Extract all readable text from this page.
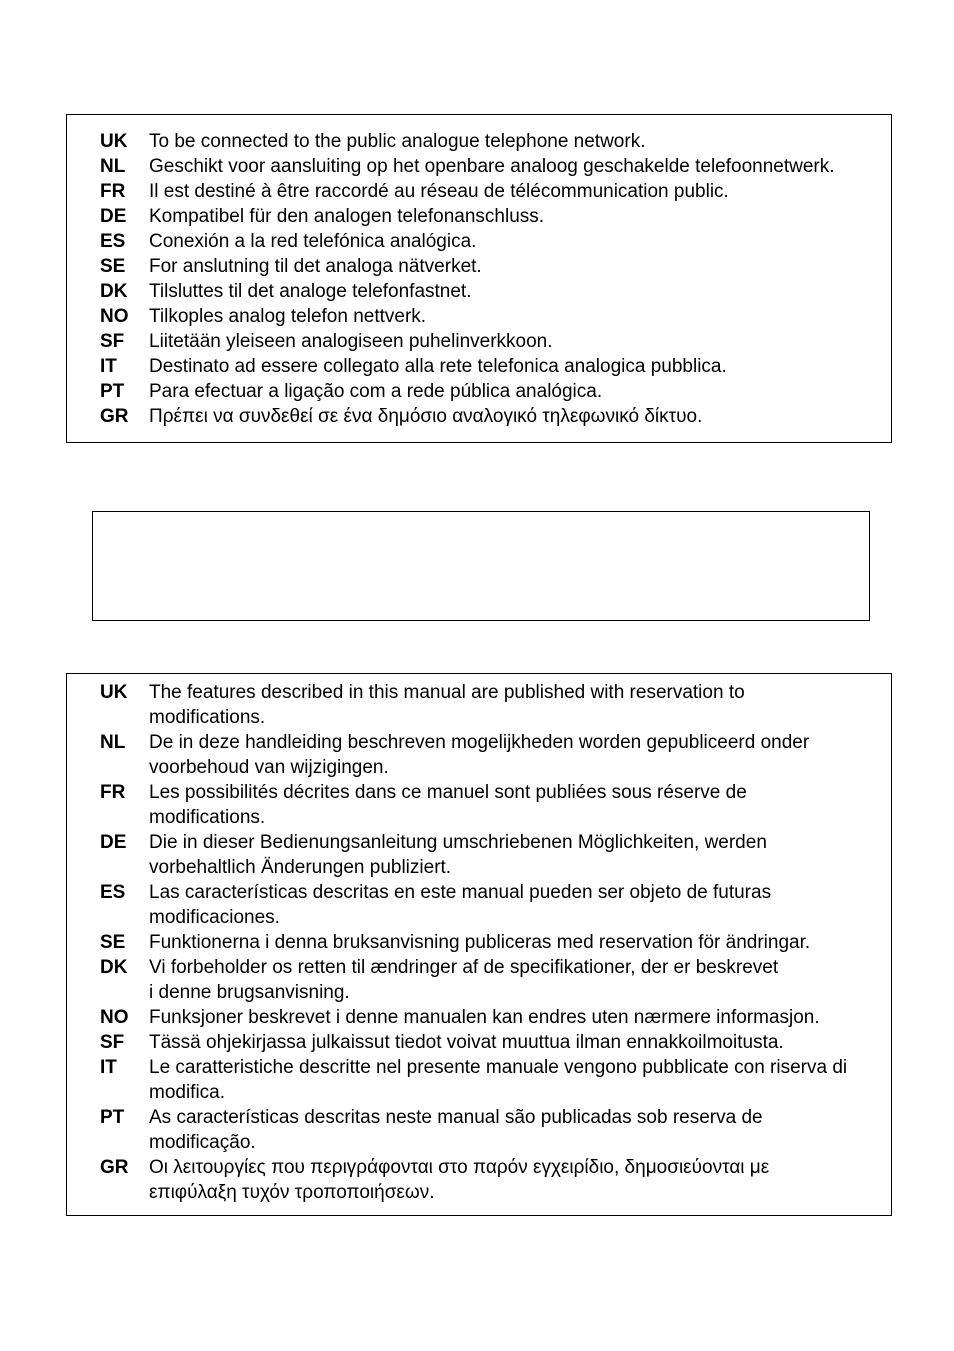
UK	To be connected to the public analogue telephone network.
NL	Geschikt voor aansluiting op het openbare analoog geschakelde telefoonnetwerk.
FR	Il est destiné à être raccordé au réseau de télécommunication public.
DE	Kompatibel für den analogen telefonanschluss.
ES	Conexión a la red telefónica analógica.
SE	For anslutning til det analoga nätverket.
DK	Tilsluttes til det analoge telefonfastnet.
NO	Tilkoples analog telefon nettverk.
SF	Liitetään yleiseen analogiseen puhelinverkkoon.
IT	Destinato ad essere collegato alla rete telefonica analogica pubblica.
PT	Para efectuar a ligação com a rede pública analógica.
GR	Πρέπει να συνδεθεί σε ένα δημόσιο αναλογικό τηλεφωνικό δίκτυο.
UK	The features described in this manual are published with reservation to
modifications.
NL	De in deze handleiding beschreven mogelijkheden worden gepubliceerd onder
voorbehoud van wijzigingen.
FR	Les possibilités décrites dans ce manuel sont publiées sous réserve de
modifications.
DE	Die in dieser Bedienungsanleitung umschriebenen Möglichkeiten, werden
vorbehaltlich Änderungen publiziert.
ES	Las características descritas en este manual pueden ser objeto de futuras
modificaciones.
SE	Funktionerna i denna bruksanvisning publiceras med reservation för ändringar.
DK	Vi forbeholder os retten til ændringer af de specifikationer, der er beskrevet
i denne brugsanvisning.
NO	Funksjoner beskrevet i denne manualen kan endres uten nærmere informasjon.
SF	Tässä ohjekirjassa julkaissut tiedot voivat muuttua ilman ennakkoilmoitusta.
IT	Le caratteristiche descritte nel presente manuale vengono pubblicate con riserva di
modifica.
PT	As características descritas neste manual são publicadas sob reserva de
modificação.
GR	Οι λειτουργίες που περιγράφονται στο παρόν εγχειρίδιο, δημοσιεύονται με
επιφύλαξη τυχόν τροποποιήσεων.
